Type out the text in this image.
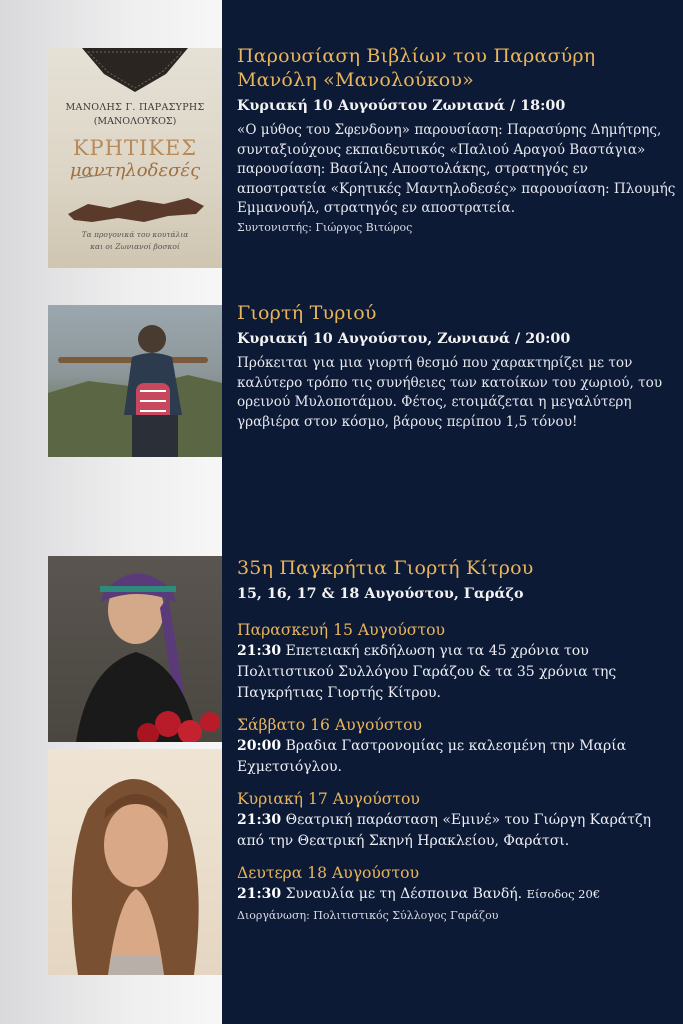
ΜΑΝΟΛΗΣ Γ. ΠΑΡΑΣΥΡΗΣ
(ΜΑΝΟΛΟΥΚΟΣ)
ΚΡΗΤΙΚΕΣ
μαντηλοδεσές
Τα προγονικά του κουτάλια
και οι Ζωνιανοί βοσκοί
Παρουσίαση Βιβλίων του Παρασύρη Μανόλη «Μανολούκου»
Κυριακή 10 Αυγούστου Ζωνιανά / 18:00
«Ο μύθος του Σφενδονη» παρουσίαση: Παρασύρης Δημήτρης, συνταξιούχους εκπαιδευτικός «Παλιού Αραγού Βαστάγια» παρουσίαση: Βασίλης Αποστολάκης, στρατηγός εν αποστρατεία «Κρητικές Μαντηλοδεσές» παρουσίαση: Πλουμής Εμμανουήλ, στρατηγός εν αποστρατεία.
Συντονιστής: Γιώργος Βιτώρος
Γιορτή Τυριού
Κυριακή 10 Αυγούστου, Ζωνιανά / 20:00
Πρόκειται για μια γιορτή θεσμό που χαρακτηρίζει με τον καλύτερο τρόπο τις συνήθειες των κατοίκων του χωριού, του ορεινού Μυλοποτάμου. Φέτος, ετοιμάζεται η μεγαλύτερη γραβιέρα στον κόσμο, βάρους περίπου 1,5 τόνου!
35η Παγκρήτια Γιορτή Κίτρου
15, 16, 17 & 18 Αυγούστου, Γαράζο
Παρασκευή 15 Αυγούστου
21:30 Επετειακή εκδήλωση για τα 45 χρόνια του Πολιτιστικού Συλλόγου Γαράζου & τα 35 χρόνια της Παγκρήτιας Γιορτής Κίτρου.
Σάββατο 16 Αυγούστου
20:00 Βραδια Γαστρονομίας με καλεσμένη την Μαρία Εχμετσιόγλου.
Κυριακή 17 Αυγούστου
21:30 Θεατρική παράσταση «Εμινέ» του Γιώργη Καράτζη από την Θεατρική Σκηνή Ηρακλείου, Φαράτσι.
Δευτερα 18 Αυγούστου
21:30 Συναυλία με τη Δέσποινα Βανδή. Είσοδος 20€
Διοργάνωση: Πολιτιστικός Σύλλογος Γαράζου
